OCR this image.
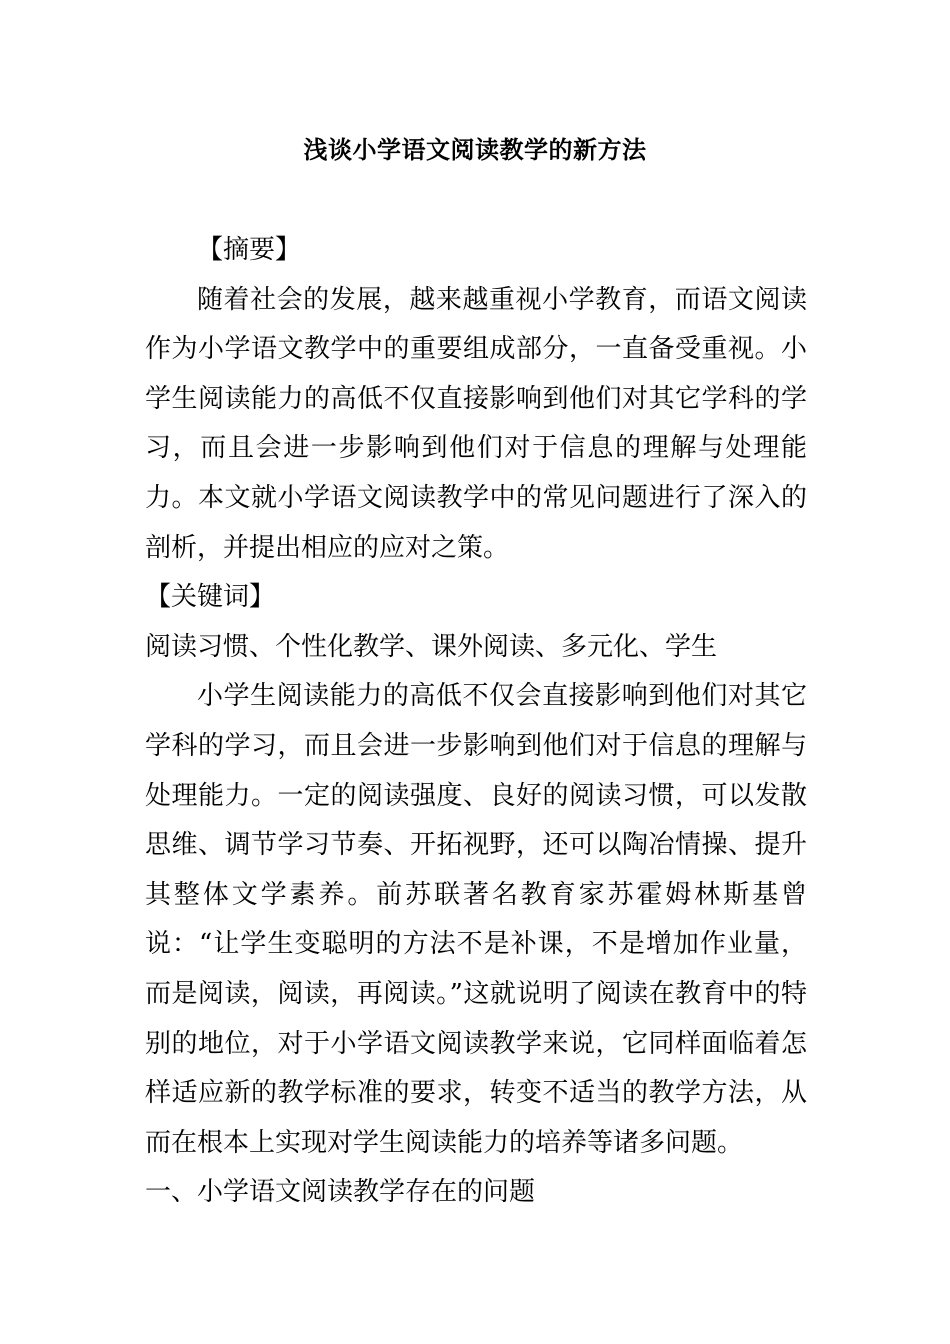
浅谈小学语文阅读教学的新方法

【摘要】

随着社会的发展，越来越重视小学教育，而语文阅读作为小学语文教学中的重要组成部分，一直备受重视。小学生阅读能力的高低不仅直接影响到他们对其它学科的学习，而且会进一步影响到他们对于信息的理解与处理能力。本文就小学语文阅读教学中的常见问题进行了深入的剖析，并提出相应的应对之策。

【关键词】

阅读习惯、个性化教学、课外阅读、多元化、学生

小学生阅读能力的高低不仅会直接影响到他们对其它学科的学习，而且会进一步影响到他们对于信息的理解与处理能力。一定的阅读强度、良好的阅读习惯，可以发散思维、调节学习节奏、开拓视野，还可以陶冶情操、提升其整体文学素养。前苏联著名教育家苏霍姆林斯基曾说：“让学生变聪明的方法不是补课，不是增加作业量，而是阅读，阅读，再阅读。”这就说明了阅读在教育中的特别的地位，对于小学语文阅读教学来说，它同样面临着怎样适应新的教学标准的要求，转变不适当的教学方法，从而在根本上实现对学生阅读能力的培养等诸多问题。

一、小学语文阅读教学存在的问题
